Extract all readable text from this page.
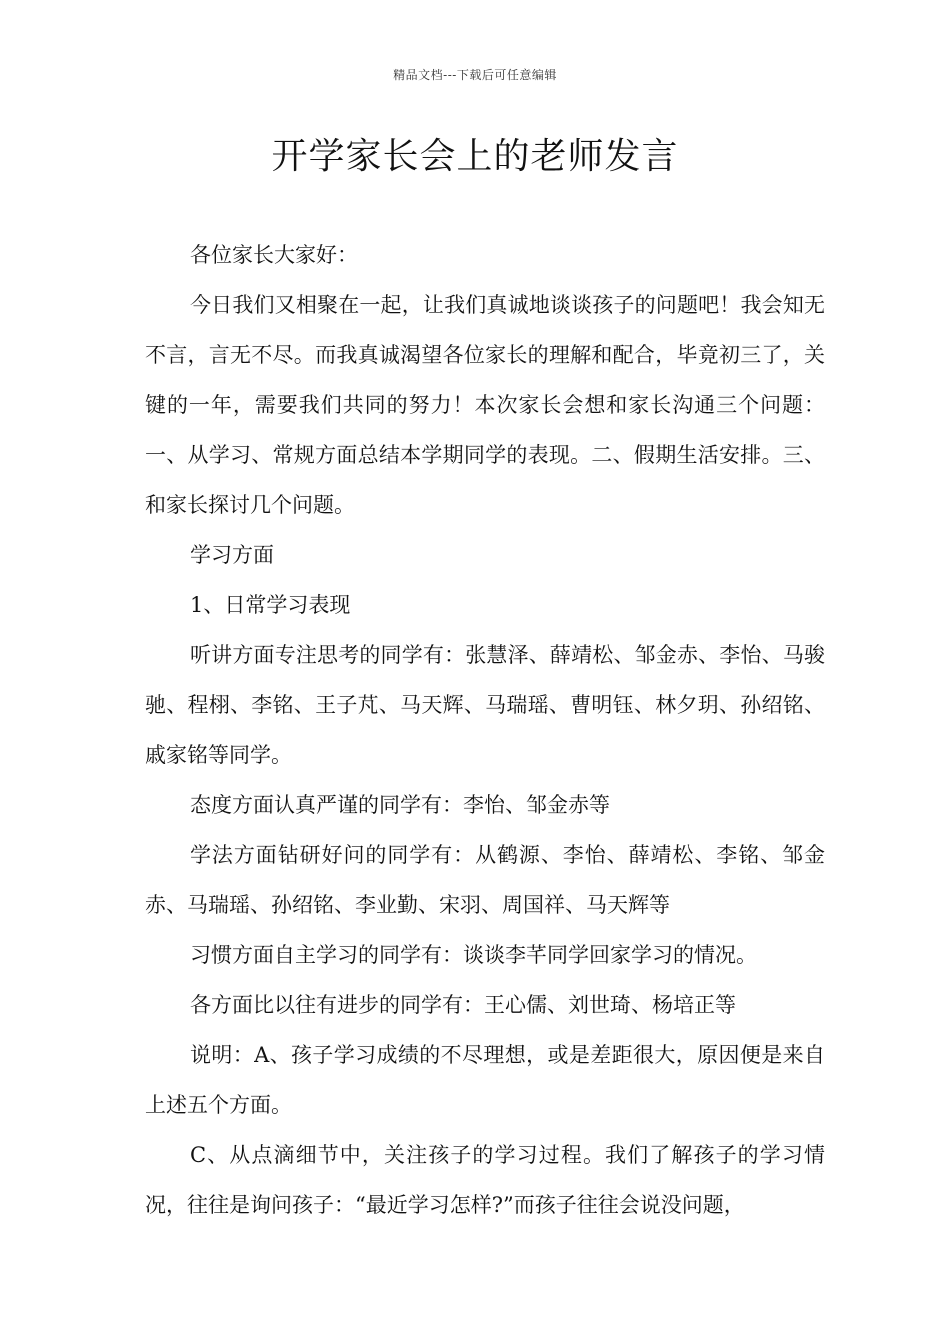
精品文档---下载后可任意编辑
开学家长会上的老师发言

各位家长大家好：

今日我们又相聚在一起，让我们真诚地谈谈孩子的问题吧！我会知无不言，言无不尽。而我真诚渴望各位家长的理解和配合，毕竟初三了，关键的一年，需要我们共同的努力！本次家长会想和家长沟通三个问题：一、从学习、常规方面总结本学期同学的表现。二、假期生活安排。三、和家长探讨几个问题。

学习方面

1、日常学习表现

听讲方面专注思考的同学有：张慧泽、薛靖松、邹金赤、李怡、马骏驰、程栩、李铭、王子芃、马天辉、马瑞瑶、曹明钰、林夕玥、孙绍铭、戚家铭等同学。

态度方面认真严谨的同学有：李怡、邹金赤等

学法方面钻研好问的同学有：从鹤源、李怡、薛靖松、李铭、邹金赤、马瑞瑶、孙绍铭、李业勤、宋羽、周国祥、马天辉等

习惯方面自主学习的同学有：谈谈李芊同学回家学习的情况。

各方面比以往有进步的同学有：王心儒、刘世琦、杨培正等

说明：A、孩子学习成绩的不尽理想，或是差距很大，原因便是来自上述五个方面。

C、从点滴细节中，关注孩子的学习过程。我们了解孩子的学习情况，往往是询问孩子：“最近学习怎样?”而孩子往往会说没问题，
